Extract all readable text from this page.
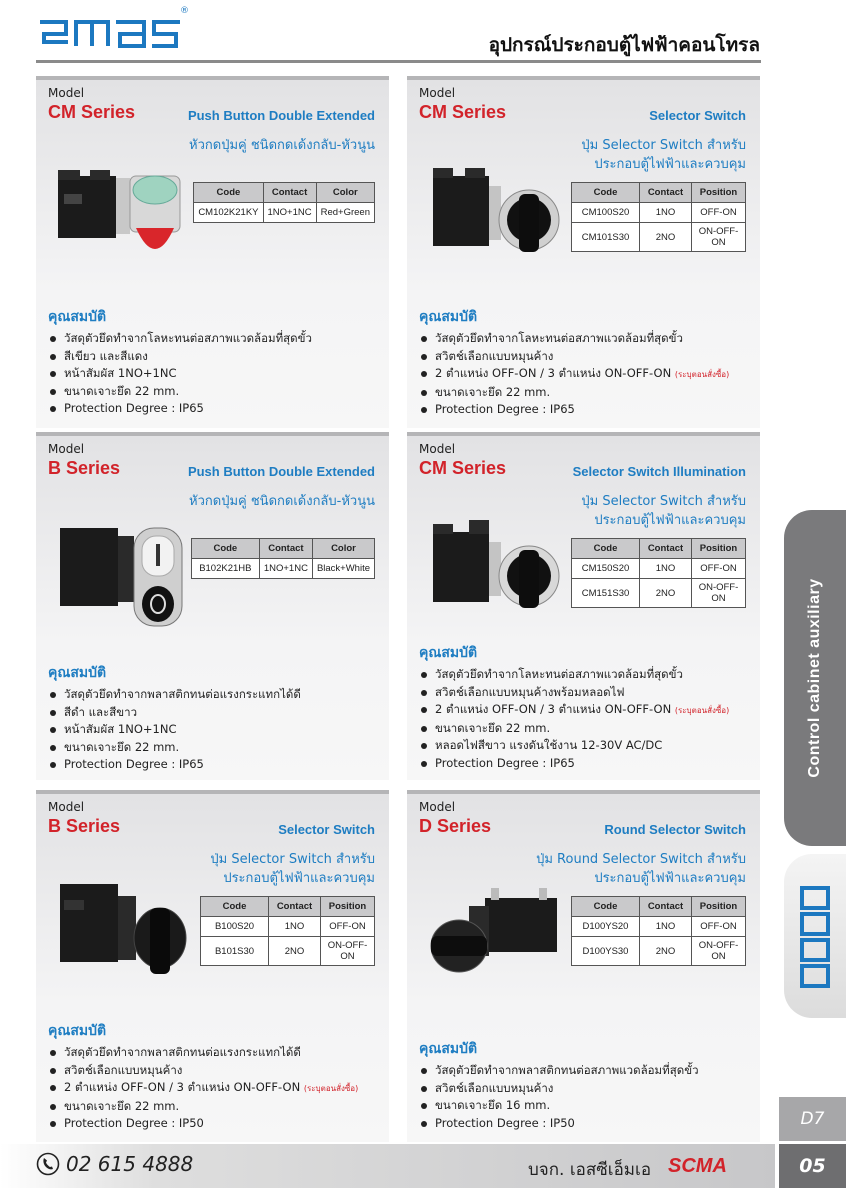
®
อุปกรณ์ประกอบตู้ไฟฟ้าคอนโทรล
Model
CM Series	Push Button Double Extended
หัวกดปุ่มคู่ ชนิดกดเด้งกลับ-หัวนูน
Code	Contact	Color
CM102K21KY	1NO+1NC	Red+Green
คุณสมบัติ
วัสดุตัวยึดทำจากโลหะทนต่อสภาพแวดล้อมที่สุดขั้ว
สีเขียว และสีแดง
หน้าสัมผัส 1NO+1NC
ขนาดเจาะยึด 22 mm.
Protection Degree : IP65
Model
CM Series	Selector Switch
ปุ่ม Selector Switch สำหรับ
ประกอบตู้ไฟฟ้าและควบคุม
Code	Contact	Position
CM100S20	1NO	OFF-ON
CM101S30	2NO	ON-OFF-ON
คุณสมบัติ
วัสดุตัวยึดทำจากโลหะทนต่อสภาพแวดล้อมที่สุดขั้ว
สวิตช์เลือกแบบหมุนค้าง
2 ตำแหน่ง OFF-ON / 3 ตำแหน่ง ON-OFF-ON (ระบุตอนสั่งซื้อ)
ขนาดเจาะยึด 22 mm.
Protection Degree : IP65
Model
B Series	Push Button Double Extended
หัวกดปุ่มคู่ ชนิดกดเด้งกลับ-หัวนูน
Code	Contact	Color
B102K21HB	1NO+1NC	Black+White
คุณสมบัติ
วัสดุตัวยึดทำจากพลาสติกทนต่อแรงกระแทกได้ดี
สีดำ และสีขาว
หน้าสัมผัส 1NO+1NC
ขนาดเจาะยึด 22 mm.
Protection Degree : IP65
Model
CM Series	Selector Switch Illumination
ปุ่ม Selector Switch สำหรับ
ประกอบตู้ไฟฟ้าและควบคุม
Code	Contact	Position
CM150S20	1NO	OFF-ON
CM151S30	2NO	ON-OFF-ON
คุณสมบัติ
วัสดุตัวยึดทำจากโลหะทนต่อสภาพแวดล้อมที่สุดขั้ว
สวิตช์เลือกแบบหมุนค้างพร้อมหลอดไฟ
2 ตำแหน่ง OFF-ON / 3 ตำแหน่ง ON-OFF-ON (ระบุตอนสั่งซื้อ)
ขนาดเจาะยึด 22 mm.
หลอดไฟสีขาว แรงดันใช้งาน 12-30V AC/DC
Protection Degree : IP65
Model
B Series	Selector Switch
ปุ่ม Selector Switch สำหรับ
ประกอบตู้ไฟฟ้าและควบคุม
Code	Contact	Position
B100S20	1NO	OFF-ON
B101S30	2NO	ON-OFF-ON
คุณสมบัติ
วัสดุตัวยึดทำจากพลาสติกทนต่อแรงกระแทกได้ดี
สวิตช์เลือกแบบหมุนค้าง
2 ตำแหน่ง OFF-ON / 3 ตำแหน่ง ON-OFF-ON (ระบุตอนสั่งซื้อ)
ขนาดเจาะยึด 22 mm.
Protection Degree : IP50
Model
D Series	Round Selector Switch
ปุ่ม Round Selector Switch สำหรับ
ประกอบตู้ไฟฟ้าและควบคุม
Code	Contact	Position
D100YS20	1NO	OFF-ON
D100YS30	2NO	ON-OFF-ON
คุณสมบัติ
วัสดุตัวยึดทำจากพลาสติกทนต่อสภาพแวดล้อมที่สุดขั้ว
สวิตช์เลือกแบบหมุนค้าง
ขนาดเจาะยึด 16 mm.
Protection Degree : IP50
Control cabinet auxiliary
D7
02 615 4888	บจก. เอสซีเอ็มเอ SCMA	05
